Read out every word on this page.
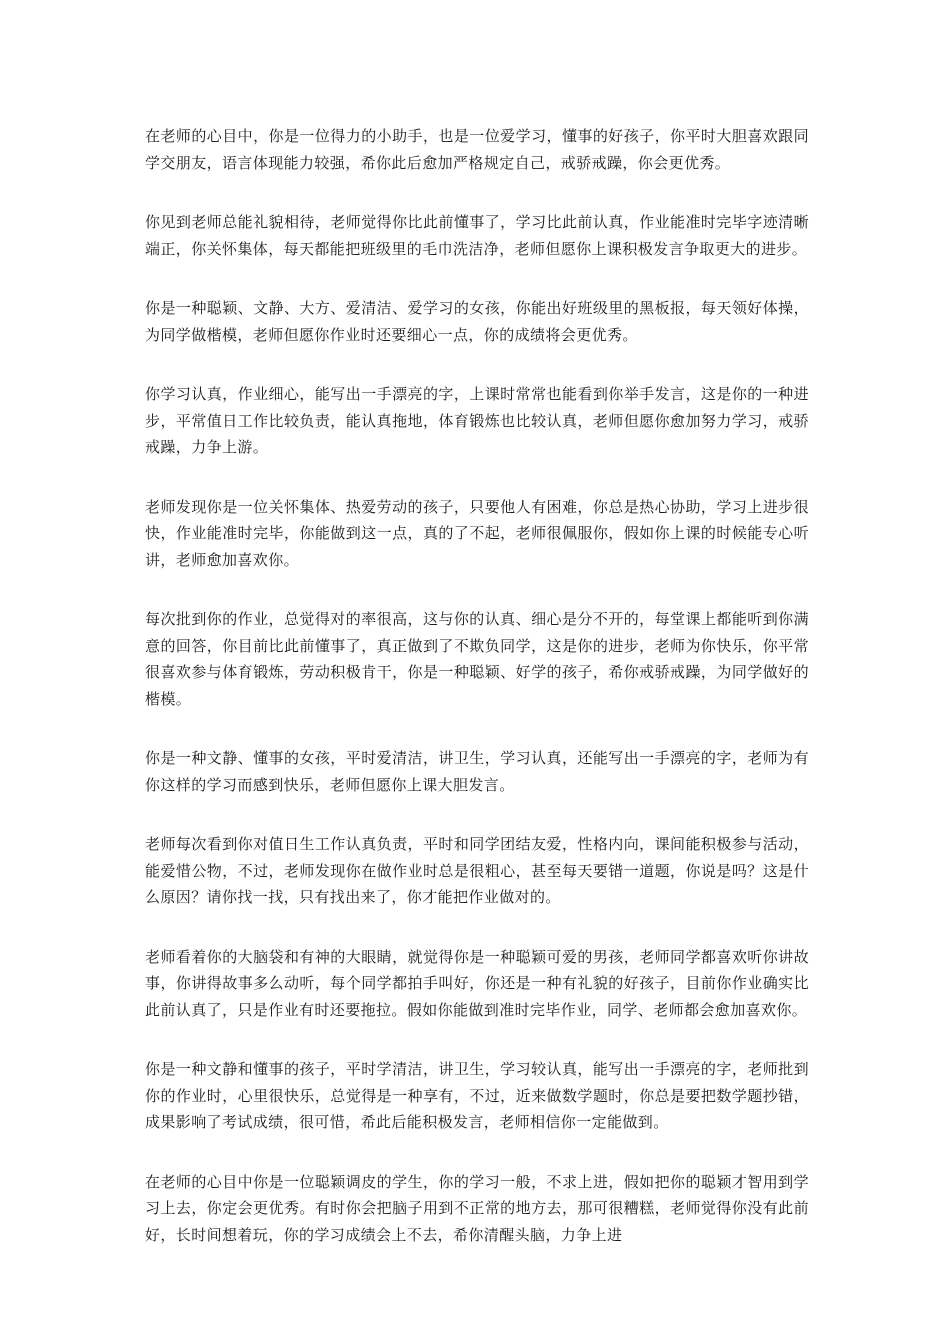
在老师的心目中，你是一位得力的小助手，也是一位爱学习，懂事的好孩子，你平时大胆喜欢跟同学交朋友，语言体现能力较强，希你此后愈加严格规定自己，戒骄戒躁，你会更优秀。

你见到老师总能礼貌相待，老师觉得你比此前懂事了，学习比此前认真，作业能准时完毕字迹清晰端正，你关怀集体，每天都能把班级里的毛巾洗洁净，老师但愿你上课积极发言争取更大的进步。

你是一种聪颖、文静、大方、爱清洁、爱学习的女孩，你能出好班级里的黑板报，每天领好体操，为同学做楷模，老师但愿你作业时还要细心一点，你的成绩将会更优秀。

你学习认真，作业细心，能写出一手漂亮的字，上课时常常也能看到你举手发言，这是你的一种进步，平常值日工作比较负责，能认真拖地，体育锻炼也比较认真，老师但愿你愈加努力学习，戒骄戒躁，力争上游。

老师发现你是一位关怀集体、热爱劳动的孩子，只要他人有困难，你总是热心协助，学习上进步很快，作业能准时完毕，你能做到这一点，真的了不起，老师很佩服你，假如你上课的时候能专心听讲，老师愈加喜欢你。

每次批到你的作业，总觉得对的率很高，这与你的认真、细心是分不开的，每堂课上都能听到你满意的回答，你目前比此前懂事了，真正做到了不欺负同学，这是你的进步，老师为你快乐，你平常很喜欢参与体育锻炼，劳动积极肯干，你是一种聪颖、好学的孩子，希你戒骄戒躁，为同学做好的楷模。

你是一种文静、懂事的女孩，平时爱清洁，讲卫生，学习认真，还能写出一手漂亮的字，老师为有你这样的学习而感到快乐，老师但愿你上课大胆发言。

老师每次看到你对值日生工作认真负责，平时和同学团结友爱，性格内向，课间能积极参与活动，能爱惜公物，不过，老师发现你在做作业时总是很粗心，甚至每天要错一道题，你说是吗？这是什么原因？请你找一找，只有找出来了，你才能把作业做对的。

老师看着你的大脑袋和有神的大眼睛，就觉得你是一种聪颖可爱的男孩，老师同学都喜欢听你讲故事，你讲得故事多么动听，每个同学都拍手叫好，你还是一种有礼貌的好孩子，目前你作业确实比此前认真了，只是作业有时还要拖拉。假如你能做到准时完毕作业，同学、老师都会愈加喜欢你。

你是一种文静和懂事的孩子，平时学清洁，讲卫生，学习较认真，能写出一手漂亮的字，老师批到你的作业时，心里很快乐，总觉得是一种享有，不过，近来做数学题时，你总是要把数学题抄错，成果影响了考试成绩，很可惜，希此后能积极发言，老师相信你一定能做到。

在老师的心目中你是一位聪颖调皮的学生，你的学习一般，不求上进，假如把你的聪颖才智用到学习上去，你定会更优秀。有时你会把脑子用到不正常的地方去，那可很糟糕，老师觉得你没有此前好，长时间想着玩，你的学习成绩会上不去，希你清醒头脑，力争上进
